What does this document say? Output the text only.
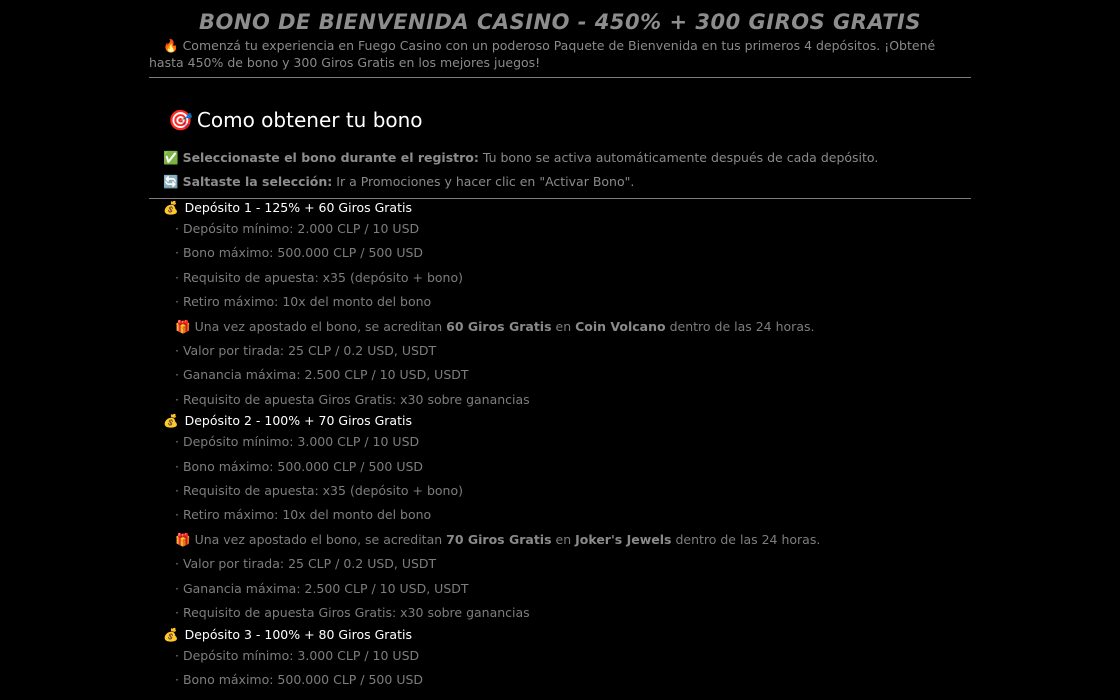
BONO DE BIENVENIDA CASINO - 450% + 300 GIROS GRATIS
🔥 Comenzá tu experiencia en Fuego Casino con un poderoso Paquete de Bienvenida en tus primeros 4 depósitos. ¡Obtené hasta 450% de bono y 300 Giros Gratis en los mejores juegos!
🎯 Como obtener tu bono
✅ Seleccionaste el bono durante el registro: Tu bono se activa automáticamente después de cada depósito.
🔄 Saltaste la selección: Ir a Promociones y hacer clic en "Activar Bono".
💰 Depósito 1 - 125% + 60 Giros Gratis
· Depósito mínimo: 2.000 CLP / 10 USD
· Bono máximo: 500.000 CLP / 500 USD
· Requisito de apuesta: x35 (depósito + bono)
· Retiro máximo: 10x del monto del bono
🎁 Una vez apostado el bono, se acreditan 60 Giros Gratis en Coin Volcano dentro de las 24 horas.
· Valor por tirada: 25 CLP / 0.2 USD, USDT
· Ganancia máxima: 2.500 CLP / 10 USD, USDT
· Requisito de apuesta Giros Gratis: x30 sobre ganancias
💰 Depósito 2 - 100% + 70 Giros Gratis
· Depósito mínimo: 3.000 CLP / 10 USD
· Bono máximo: 500.000 CLP / 500 USD
· Requisito de apuesta: x35 (depósito + bono)
· Retiro máximo: 10x del monto del bono
🎁 Una vez apostado el bono, se acreditan 70 Giros Gratis en Joker's Jewels dentro de las 24 horas.
· Valor por tirada: 25 CLP / 0.2 USD, USDT
· Ganancia máxima: 2.500 CLP / 10 USD, USDT
· Requisito de apuesta Giros Gratis: x30 sobre ganancias
💰 Depósito 3 - 100% + 80 Giros Gratis
· Depósito mínimo: 3.000 CLP / 10 USD
· Bono máximo: 500.000 CLP / 500 USD
